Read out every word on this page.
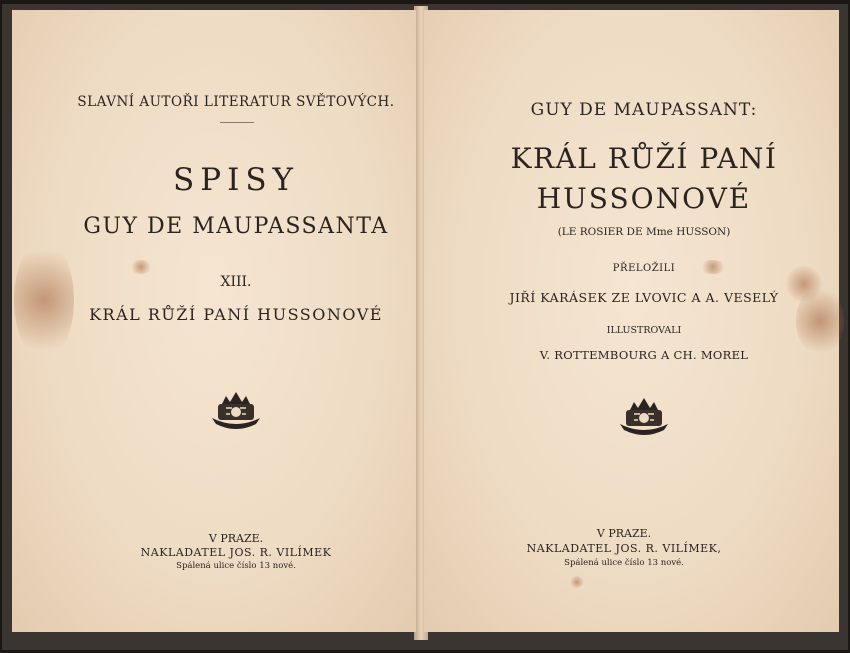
SLAVNÍ AUTOŘI LITERATUR SVĚTOVÝCH.
SPISY
GUY DE MAUPASSANTA
XIII.
KRÁL RŮŽÍ PANÍ HUSSONOVÉ
V PRAZE.
NAKLADATEL JOS. R. VILÍMEK
Spálená ulice číslo 13 nové.
GUY DE MAUPASSANT:
KRÁL RŮŽÍ PANÍ
HUSSONOVÉ
(LE ROSIER DE Mme HUSSON)
PŘELOŽILI
JIŘÍ KARÁSEK ZE LVOVIC A A. VESELÝ
ILLUSTROVALI
V. ROTTEMBOURG A CH. MOREL
V PRAZE.
NAKLADATEL JOS. R. VILÍMEK,
Spálená ulice číslo 13 nové.
